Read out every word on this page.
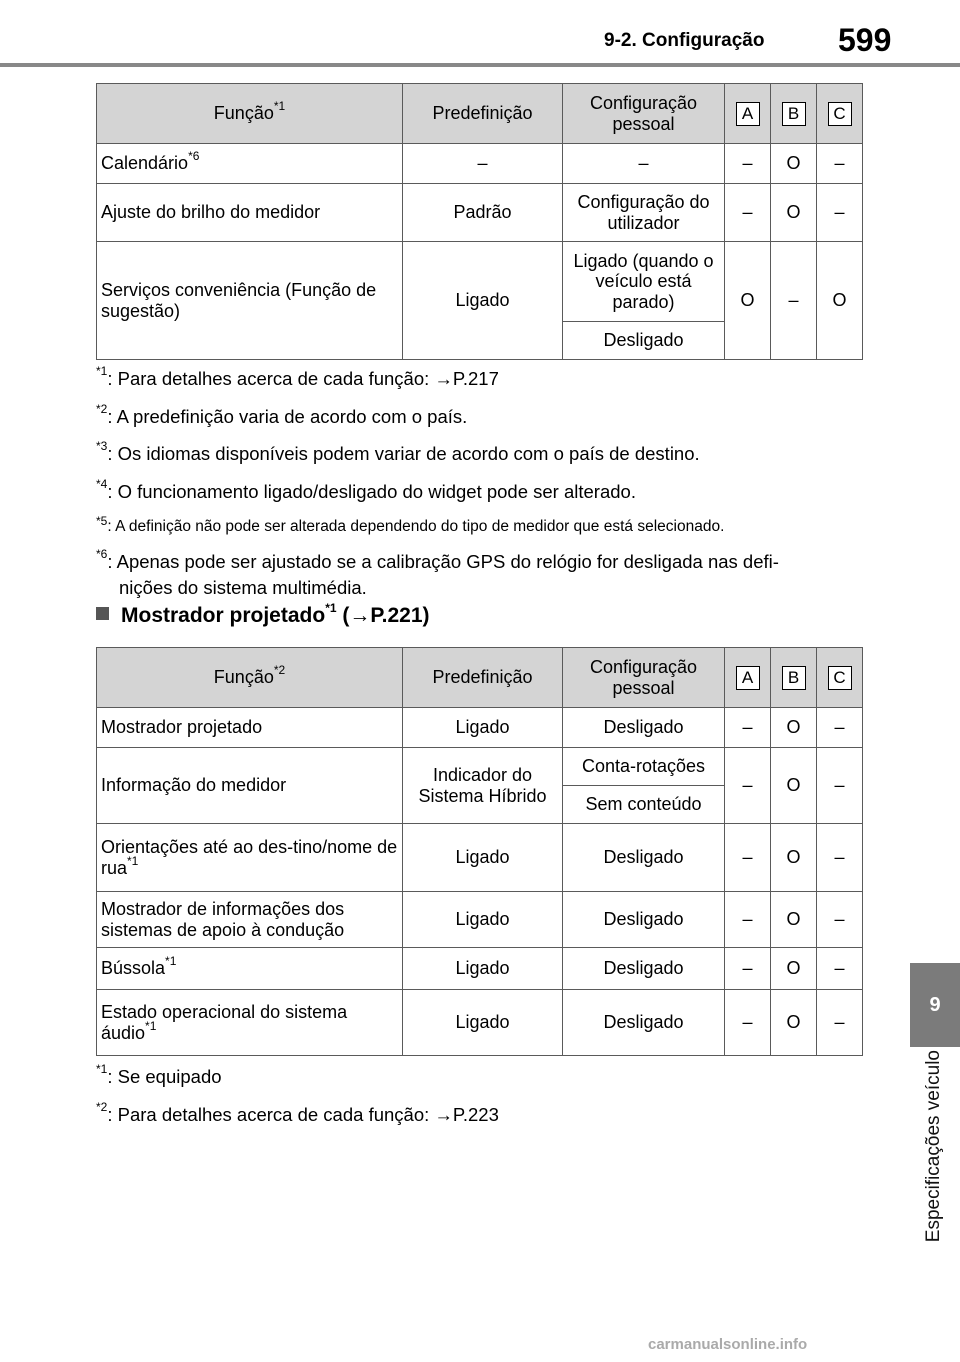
9-2. Configuração 599
Função$^{*1}$	Predefinição	Configuração pessoal	A	B	C
Calendário$^{*6}$	–	–	–	O	–
Ajuste do brilho do medidor	Padrão	Configuração do utilizador	–	O	–
Serviços conveniência (Função de sugestão)	Ligado	Ligado (quando o veículo está parado)	O	–	O
		Desligado			

$^{*1}$: Para detalhes acerca de cada função: →P.217

$^{*2}$: A predefinição varia de acordo com o país.

$^{*3}$: Os idiomas disponíveis podem variar de acordo com o país de destino.

$^{*4}$: O funcionamento ligado/desligado do widget pode ser alterado.

$^{*5}$: A definição não pode ser alterada dependendo do tipo de medidor que está selecionado.

$^{*6}$: Apenas pode ser ajustado se a calibração GPS do relógio for desligada nas defi-
nições do sistema multimédia.

Mostrador projetado$^{*1}$ (→P.221)
Função$^{*2}$	Predefinição	Configuração pessoal	A	B	C
Mostrador projetado	Ligado	Desligado	–	O	–
Informação do medidor	Indicador do Sistema Híbrido	Conta-rotações	–	O	–
		Sem conteúdo			
Orientações até ao des-tino/nome de rua$^{*1}$	Ligado	Desligado	–	O	–
Mostrador de informações dos sistemas de apoio à condução	Ligado	Desligado	–	O	–
Bússola$^{*1}$	Ligado	Desligado	–	O	–
Estado operacional do sistema áudio$^{*1}$	Ligado	Desligado	–	O	–

$^{*1}$: Se equipado

$^{*2}$: Para detalhes acerca de cada função: →P.223

9
Especificações veículo
carmanualsonline.info
